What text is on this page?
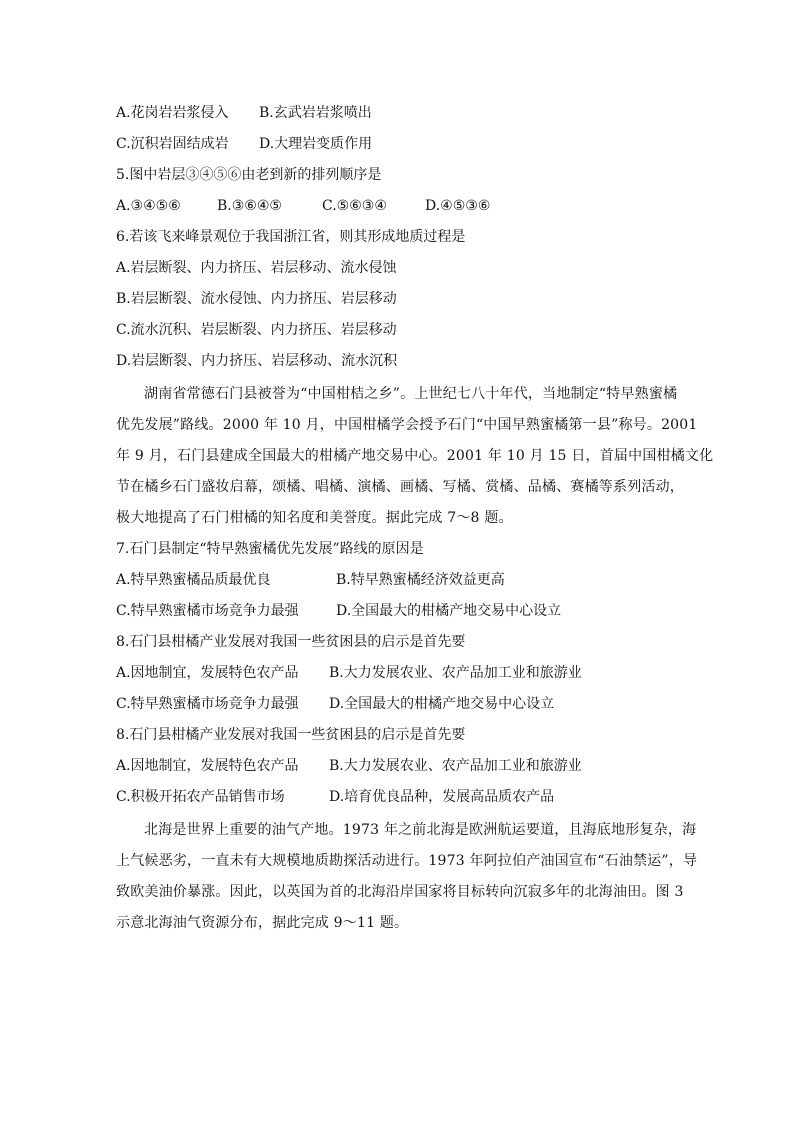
A.花岗岩岩浆侵入 B.玄武岩岩浆喷出
C.沉积岩固结成岩 D.大理岩变质作用
5.图中岩层③④⑤⑥由老到新的排列顺序是
A.③④⑤⑥	B.③⑥④⑤	C.⑤⑥③④	D.④⑤③⑥
6.若该飞来峰景观位于我国浙江省，则其形成地质过程是
A.岩层断裂、内力挤压、岩层移动、流水侵蚀
B.岩层断裂、流水侵蚀、内力挤压、岩层移动
C.流水沉积、岩层断裂、内力挤压、岩层移动
D.岩层断裂、内力挤压、岩层移动、流水沉积
湖南省常德石门县被誉为“中国柑桔之乡”。上世纪七八十年代，当地制定“特早熟蜜橘
优先发展”路线。2000 年 10 月，中国柑橘学会授予石门“中国早熟蜜橘第一县”称号。2001
年 9 月，石门县建成全国最大的柑橘产地交易中心。2001 年 10 月 15 日，首届中国柑橘文化
节在橘乡石门盛妆启幕，颂橘、唱橘、演橘、画橘、写橘、赏橘、品橘、赛橘等系列活动，
极大地提高了石门柑橘的知名度和美誉度。据此完成 7～8 题。
7.石门县制定“特早熟蜜橘优先发展”路线的原因是
A.特早熟蜜橘品质最优良	B.特早熟蜜橘经济效益更高
C.特早熟蜜橘市场竞争力最强	D.全国最大的柑橘产地交易中心设立
8.石门县柑橘产业发展对我国一些贫困县的启示是首先要
A.因地制宜，发展特色农产品 B.大力发展农业、农产品加工业和旅游业
C.特早熟蜜橘市场竞争力最强 D.全国最大的柑橘产地交易中心设立
8.石门县柑橘产业发展对我国一些贫困县的启示是首先要
A.因地制宜，发展特色农产品 B.大力发展农业、农产品加工业和旅游业
C.积极开拓农产品销售市场	D.培育优良品种，发展高品质农产品
北海是世界上重要的油气产地。1973 年之前北海是欧洲航运要道，且海底地形复杂，海
上气候恶劣，一直未有大规模地质勘探活动进行。1973 年阿拉伯产油国宣布“石油禁运”，导
致欧美油价暴涨。因此，以英国为首的北海沿岸国家将目标转向沉寂多年的北海油田。图 3
示意北海油气资源分布，据此完成 9～11 题。
